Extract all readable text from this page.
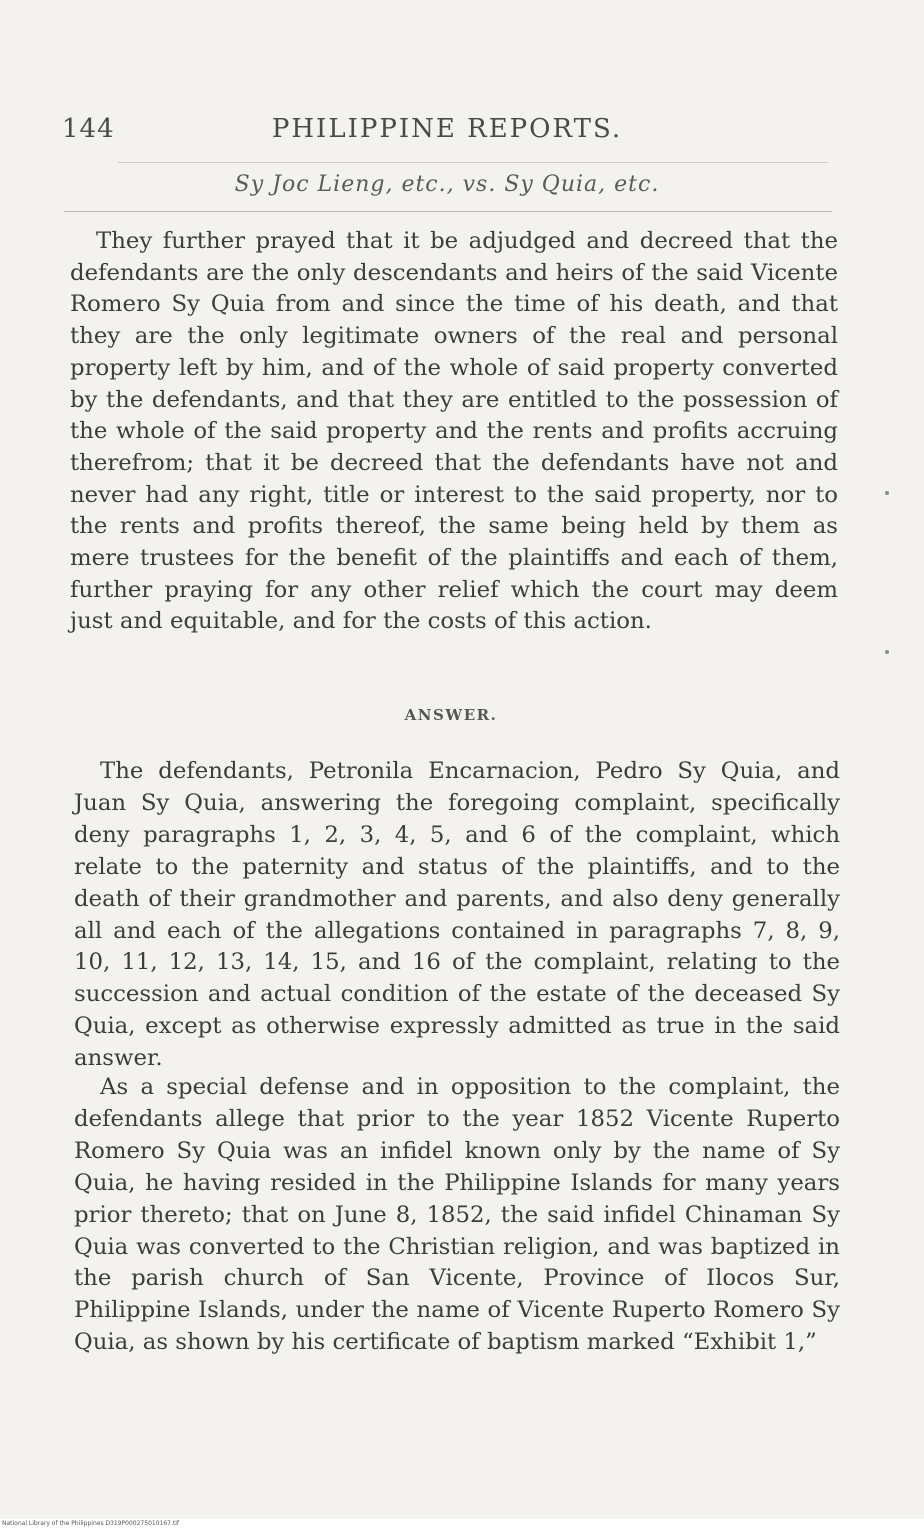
144	PHILIPPINE REPORTS.
Sy Joc Lieng, etc., vs. Sy Quia, etc.

They further prayed that it be adjudged and decreed that the defendants are the only descendants and heirs of the said Vicente Romero Sy Quia from and since the time of his death, and that they are the only legitimate owners of the real and personal property left by him, and of the whole of said property converted by the defendants, and that they are entitled to the possession of the whole of the said property and the rents and profits accruing therefrom; that it be decreed that the defendants have not and never had any right, title or interest to the said property, nor to the rents and profits thereof, the same being held by them as mere trustees for the benefit of the plaintiffs and each of them, further praying for any other relief which the court may deem just and equitable, and for the costs of this action.

ANSWER.

The defendants, Petronila Encarnacion, Pedro Sy Quia, and Juan Sy Quia, answering the foregoing complaint, specifically deny paragraphs 1, 2, 3, 4, 5, and 6 of the complaint, which relate to the paternity and status of the plaintiffs, and to the death of their grandmother and parents, and also deny generally all and each of the allegations contained in paragraphs 7, 8, 9, 10, 11, 12, 13, 14, 15, and 16 of the complaint, relating to the succession and actual condition of the estate of the deceased Sy Quia, except as otherwise expressly admitted as true in the said answer.

As a special defense and in opposition to the complaint, the defendants allege that prior to the year 1852 Vicente Ruperto Romero Sy Quia was an infidel known only by the name of Sy Quia, he having resided in the Philippine Islands for many years prior thereto; that on June 8, 1852, the said infidel Chinaman Sy Quia was converted to the Christian religion, and was baptized in the parish church of San Vicente, Province of Ilocos Sur, Philippine Islands, under the name of Vicente Ruperto Romero Sy Quia, as shown by his certificate of baptism marked “Exhibit 1,”

National Library of the Philippines D319P000275010167.tif
